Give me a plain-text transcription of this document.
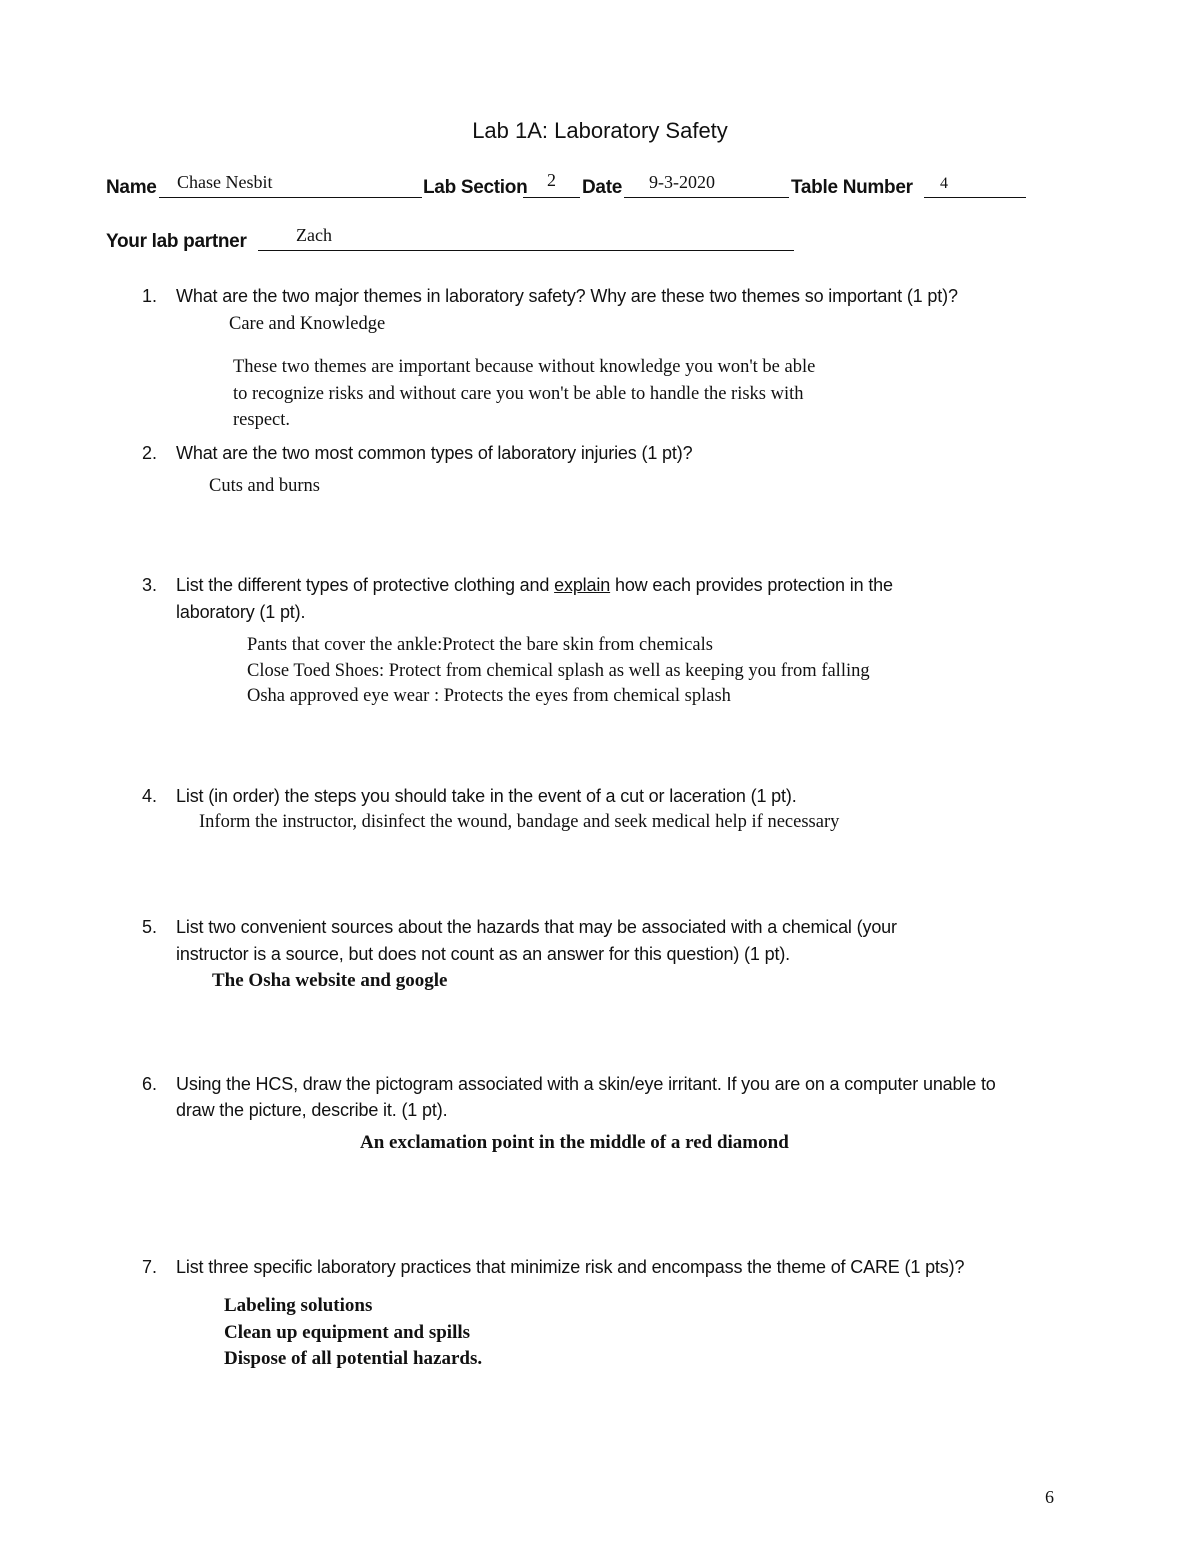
Lab 1A: Laboratory Safety
Name Chase Nesbit	Lab Section 2 Date 9-3-2020	Table Number 4
Your lab partner	Zach
1. What are the two major themes in laboratory safety? Why are these two themes so important (1 pt)?
Care and Knowledge
These two themes are important because without knowledge you won't be able
to recognize risks and without care you won't be able to handle the risks with
respect.
2. What are the two most common types of laboratory injuries (1 pt)?
Cuts and burns
3. List the different types of protective clothing and explain how each provides protection in the
laboratory (1 pt).
Pants that cover the ankle:Protect the bare skin from chemicals
Close Toed Shoes: Protect from chemical splash as well as keeping you from falling
Osha approved eye wear : Protects the eyes from chemical splash
4. List (in order) the steps you should take in the event of a cut or laceration (1 pt).
Inform the instructor, disinfect the wound, bandage and seek medical help if necessary
5. List two convenient sources about the hazards that may be associated with a chemical (your
instructor is a source, but does not count as an answer for this question) (1 pt).
The Osha website and google
6. Using the HCS, draw the pictogram associated with a skin/eye irritant. If you are on a computer unable to
draw the picture, describe it. (1 pt).
An exclamation point in the middle of a red diamond
7. List three specific laboratory practices that minimize risk and encompass the theme of CARE (1 pts)?
Labeling solutions
Clean up equipment and spills
Dispose of all potential hazards.
6
